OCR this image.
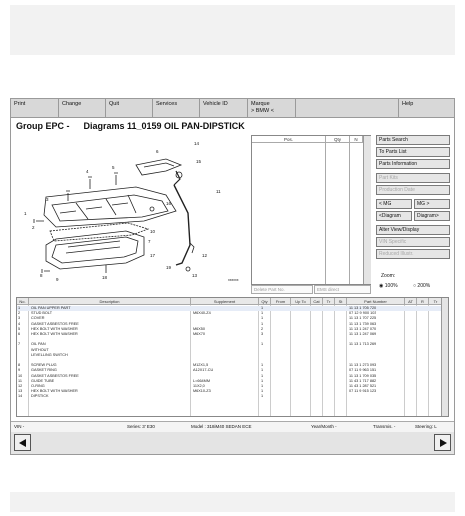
Print	Change	Quit	Services	Vehicle ID	Marque
> BMW <
Help
Group EPC - Diagrams 11_0159 OIL PAN-DIPSTICK
1
2
3
4
5
6
7
8
9
10
11
12
13
14
15
16
17
18
19
xxxxxx
Pos.	Qty	N
Delete Part No.	EMS direct
Parts Search
To Parts List
Parts Information
Part Kits
Production Date
< MG	MG >
<Diagram	Diagram>
Alter View/Display
VIN Specific
Reduced Illustr.
Zoom:
◉ 100%	○ 200%
No.	Description	Supplement	Qty	From	Up To	Cat	Tr	St	Part Number	AT	R	Tr
1	OIL PAN UPPER PART	1	11 13 1 705 720
2	STUD BOLT	M6X40-Z4	1	07 12 9 900 103
3	COVER	1	11 13 1 707 225
4	GASKET ASBESTOS FREE	1	11 13 1 739 063
5	HEX BOLT WITH WASHER	M6X50	2	11 13 1 247 070
6	HEX BOLT WITH WASHER	M6X70	3	11 13 1 247 069
7	OIL PAN	1	11 13 1 713 269
WITHOUT
LEVELLING SWITCH
8	SCREW PLUG	M12X1,5	1	11 13 1 273 093
9	GASKET RING	A12X17-CU	1	07 11 9 963 151
10 GASKET ASBESTOS FREE	1	11 13 1 709 035
11 GUIDE TUBE	L=664MM	1	11 43 1 717 882
12 O-RING	11X2,0	1	11 43 1 287 521
13 HEX BOLT WITH WASHER	M6X10-Z3	1	07 11 9 915 123
14 DIPSTICK	1
VIN -	Series: 3' E30	Model : 318iM40 SEDAN ECE	Year/Month -	Transmis. -	Steering: L
